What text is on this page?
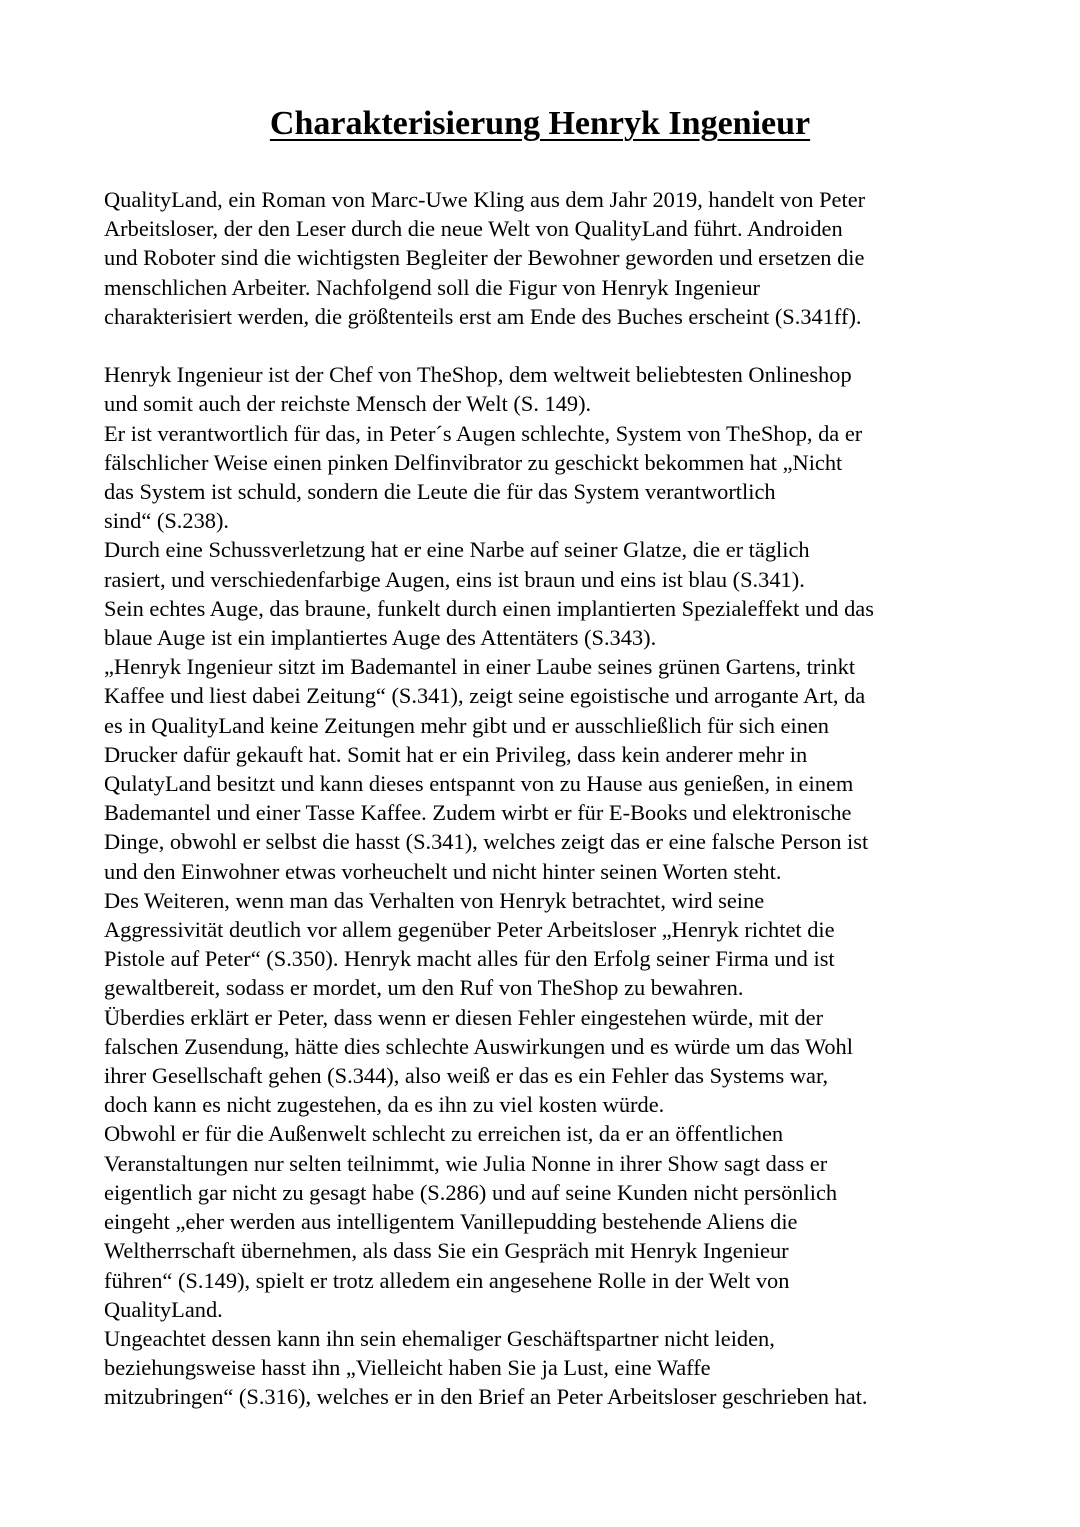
Charakterisierung Henryk Ingenieur
QualityLand, ein Roman von Marc-Uwe Kling aus dem Jahr 2019, handelt von Peter
Arbeitsloser, der den Leser durch die neue Welt von QualityLand führt. Androiden
und Roboter sind die wichtigsten Begleiter der Bewohner geworden und ersetzen die
menschlichen Arbeiter. Nachfolgend soll die Figur von Henryk Ingenieur
charakterisiert werden, die größtenteils erst am Ende des Buches erscheint (S.341ff).
Henryk Ingenieur ist der Chef von TheShop, dem weltweit beliebtesten Onlineshop
und somit auch der reichste Mensch der Welt (S. 149).
Er ist verantwortlich für das, in Peter´s Augen schlechte, System von TheShop, da er
fälschlicher Weise einen pinken Delfinvibrator zu geschickt bekommen hat „Nicht
das System ist schuld, sondern die Leute die für das System verantwortlich
sind“ (S.238).
Durch eine Schussverletzung hat er eine Narbe auf seiner Glatze, die er täglich
rasiert, und verschiedenfarbige Augen, eins ist braun und eins ist blau (S.341).
Sein echtes Auge, das braune, funkelt durch einen implantierten Spezialeffekt und das
blaue Auge ist ein implantiertes Auge des Attentäters (S.343).
„Henryk Ingenieur sitzt im Bademantel in einer Laube seines grünen Gartens, trinkt
Kaffee und liest dabei Zeitung“ (S.341), zeigt seine egoistische und arrogante Art, da
es in QualityLand keine Zeitungen mehr gibt und er ausschließlich für sich einen
Drucker dafür gekauft hat. Somit hat er ein Privileg, dass kein anderer mehr in
QulatyLand besitzt und kann dieses entspannt von zu Hause aus genießen, in einem
Bademantel und einer Tasse Kaffee. Zudem wirbt er für E-Books und elektronische
Dinge, obwohl er selbst die hasst (S.341), welches zeigt das er eine falsche Person ist
und den Einwohner etwas vorheuchelt und nicht hinter seinen Worten steht.
Des Weiteren, wenn man das Verhalten von Henryk betrachtet, wird seine
Aggressivität deutlich vor allem gegenüber Peter Arbeitsloser „Henryk richtet die
Pistole auf Peter“ (S.350). Henryk macht alles für den Erfolg seiner Firma und ist
gewaltbereit, sodass er mordet, um den Ruf von TheShop zu bewahren.
Überdies erklärt er Peter, dass wenn er diesen Fehler eingestehen würde, mit der
falschen Zusendung, hätte dies schlechte Auswirkungen und es würde um das Wohl
ihrer Gesellschaft gehen (S.344), also weiß er das es ein Fehler das Systems war,
doch kann es nicht zugestehen, da es ihn zu viel kosten würde.
Obwohl er für die Außenwelt schlecht zu erreichen ist, da er an öffentlichen
Veranstaltungen nur selten teilnimmt, wie Julia Nonne in ihrer Show sagt dass er
eigentlich gar nicht zu gesagt habe (S.286) und auf seine Kunden nicht persönlich
eingeht „eher werden aus intelligentem Vanillepudding bestehende Aliens die
Weltherrschaft übernehmen, als dass Sie ein Gespräch mit Henryk Ingenieur
führen“ (S.149), spielt er trotz alledem ein angesehene Rolle in der Welt von
QualityLand.
Ungeachtet dessen kann ihn sein ehemaliger Geschäftspartner nicht leiden,
beziehungsweise hasst ihn „Vielleicht haben Sie ja Lust, eine Waffe
mitzubringen“ (S.316), welches er in den Brief an Peter Arbeitsloser geschrieben hat.
